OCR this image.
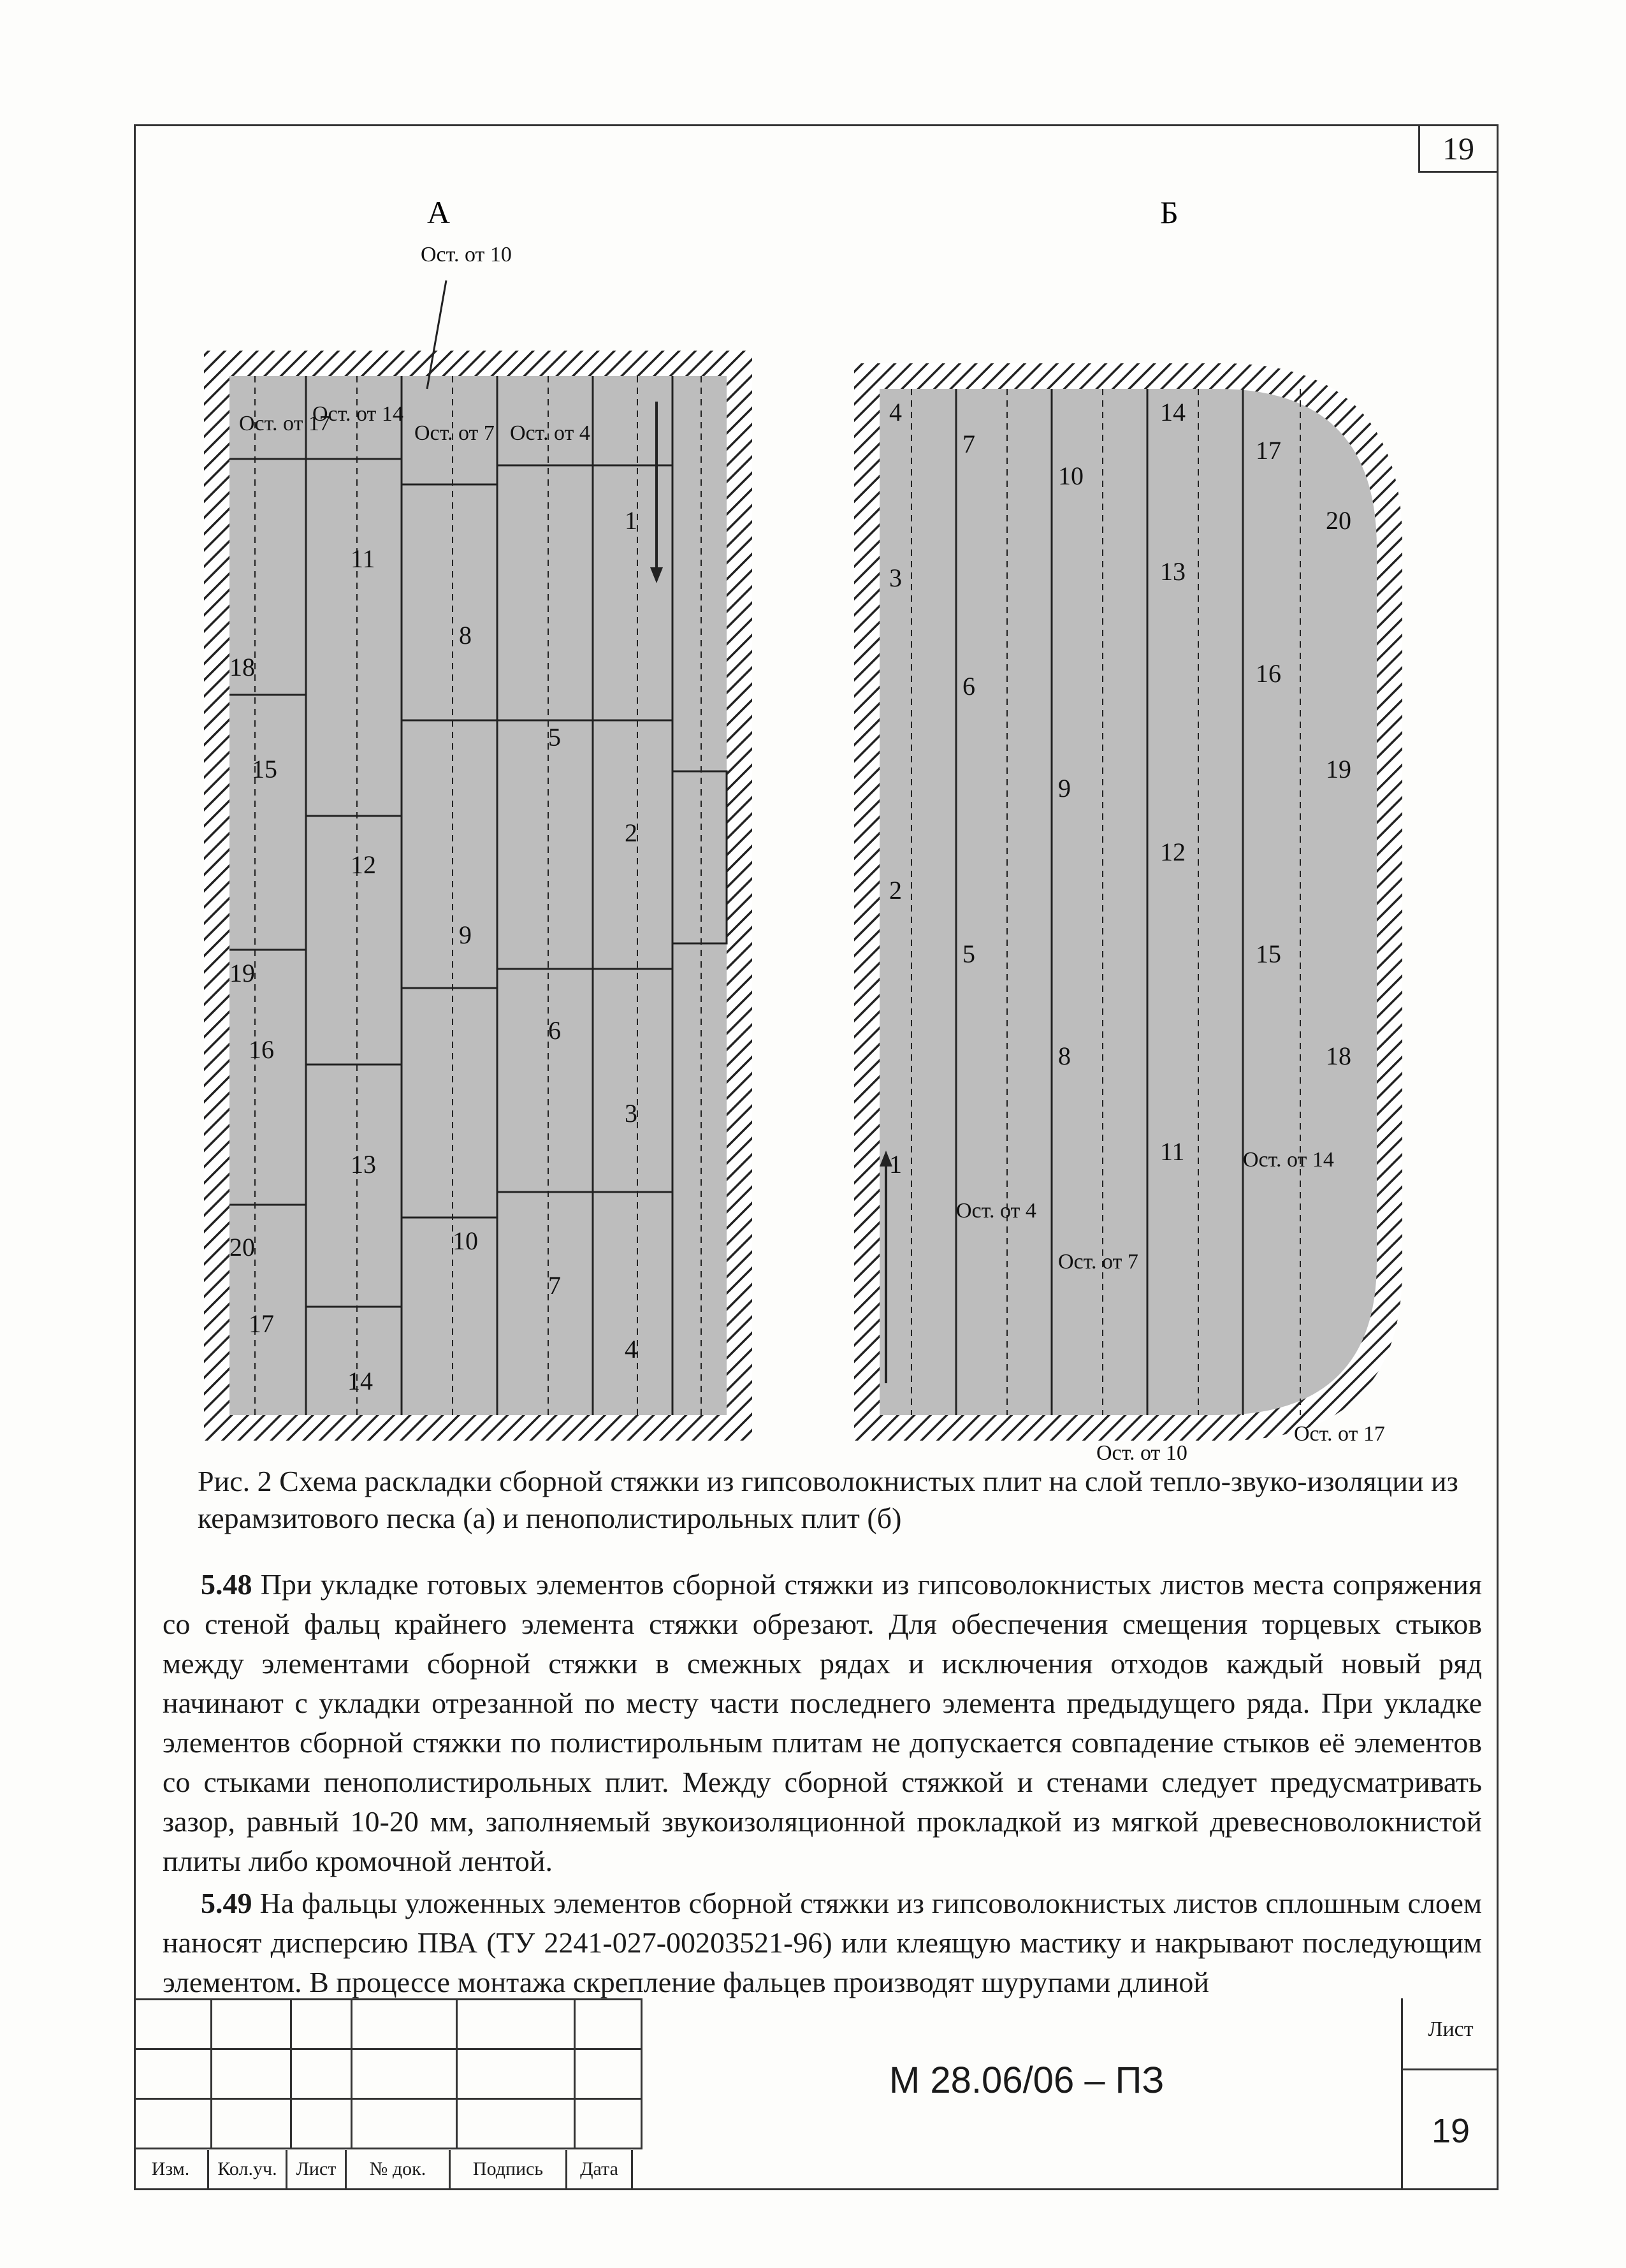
19
А
1
2
3
4
5
6
7
8
9
10
11
12
13
14
15
16
17
18
19
20
Ост. от 10
Ост. от 17
Ост. от 14
Ост. от 7 Ост. от 4
Б
1
2
3
4
5
6
7
8
9
10
11
12
13
14
15
16
17
18
19
20
Ост. от 4
Ост. от 7
Ост. от 14
Ост. от 10
Ост. от 17
Рис. 2 Схема раскладки сборной стяжки из гипсоволокнистых плит на слой тепло-звуко-изоляции из керамзитового песка (а) и пенополистирольных плит (б)

5.48 При укладке готовых элементов сборной стяжки из гипсоволокнистых листов места сопряжения со стеной фальц крайнего элемента стяжки обрезают. Для обеспечения смещения торцевых стыков между элементами сборной стяжки в смежных рядах и исключения отходов каждый новый ряд начинают с укладки отрезанной по месту части последнего элемента предыдущего ряда. При укладке элементов сборной стяжки по полистирольным плитам не допускается совпадение стыков её элементов со стыками пенополистирольных плит. Между сборной стяжкой и стенами следует предусматривать зазор, равный 10-20 мм, заполняемый звукоизоляционной прокладкой из мягкой древесноволокнистой плиты либо кромочной лентой.

5.49 На фальцы уложенных элементов сборной стяжки из гипсоволокнистых листов сплошным слоем наносят дисперсию ПВА (ТУ 2241-027-00203521-96) или клеящую мастику и накрывают последующим элементом. В процессе монтажа скрепление фальцев производят шурупами длиной

Изм.	Кол.уч. Лист	№ док.	Подпись	Дата
М 28.06/06 – ПЗ
Лист
19
